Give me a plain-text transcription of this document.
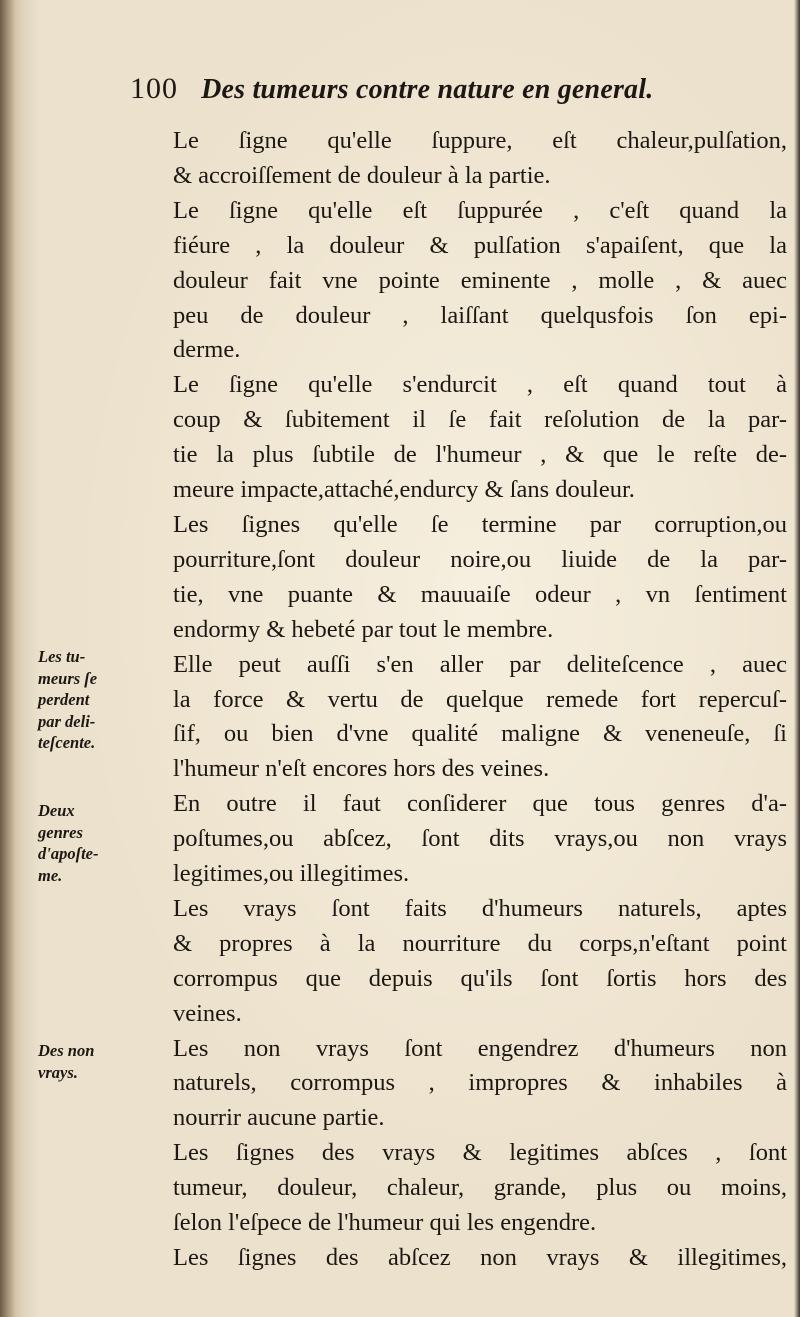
100 Des tumeurs contre nature en general.

Le ſigne qu'elle ſuppure, eſt chaleur,pulſation,
& accroiſſement de douleur à la partie.

Le ſigne qu'elle eſt ſuppurée , c'eſt quand la
fiéure , la douleur & pulſation s'apaiſent, que la
douleur fait vne pointe eminente , molle , & auec
peu de douleur , laiſſant quelqusfois ſon epi-
derme.

Le ſigne qu'elle s'endurcit , eſt quand tout à
coup & ſubitement il ſe fait reſolution de la par-
tie la plus ſubtile de l'humeur , & que le reſte de-
meure impacte,attaché,endurcy & ſans douleur.

Les ſignes qu'elle ſe termine par corruption,ou
pourriture,ſont douleur noire,ou liuide de la par-
tie, vne puante & mauuaiſe odeur , vn ſentiment
endormy & hebeté par tout le membre.

Elle peut auſſi s'en aller par deliteſcence , auec
la force & vertu de quelque remede fort repercuſ-
ſif, ou bien d'vne qualité maligne & veneneuſe, ſi
l'humeur n'eſt encores hors des veines.

En outre il faut conſiderer que tous genres d'a-
poſtumes,ou abſcez, ſont dits vrays,ou non vrays
legitimes,ou illegitimes.

Les vrays ſont faits d'humeurs naturels, aptes
& propres à la nourriture du corps,n'eſtant point
corrompus que depuis qu'ils ſont ſortis hors des
veines.

Les non vrays ſont engendrez d'humeurs non
naturels, corrompus , impropres & inhabiles à
nourrir aucune partie.

Les ſignes des vrays & legitimes abſces , ſont
tumeur, douleur, chaleur, grande, plus ou moins,
ſelon l'eſpece de l'humeur qui les engendre.

Les ſignes des abſcez non vrays & illegitimes,

Les tu-
meurs ſe
perdent
par deli-
teſcente.
Deux
genres
d'apoſte-
me.
Des non
vrays.
